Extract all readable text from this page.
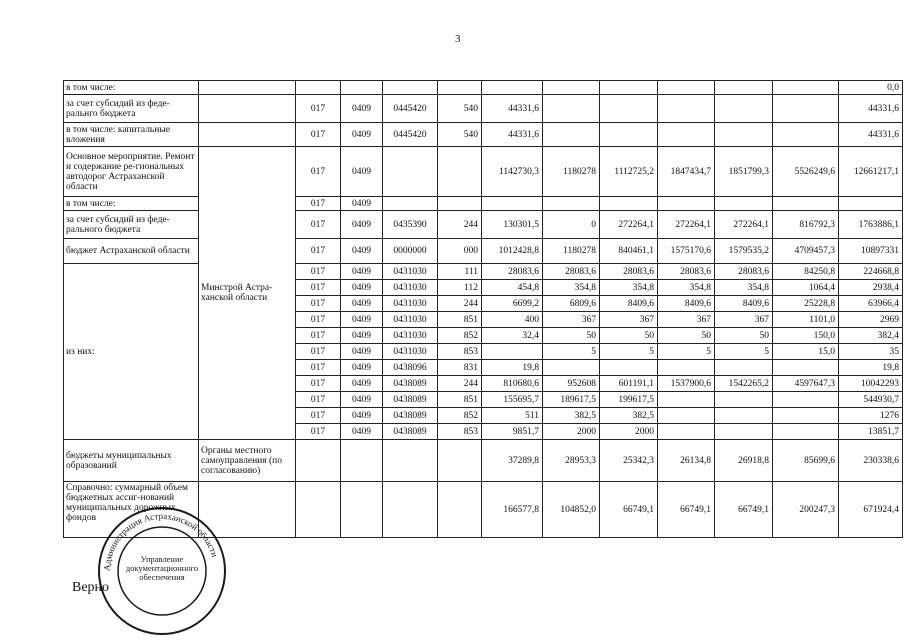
3
в том числе:												0,0
за счет субсидий из феде-ральнго бюджета		017	0409	0445420	540	44331,6						44331,6
в том числе: капитальные вложения		017	0409	0445420	540	44331,6						44331,6
Основное мероприятие. Ремонт и содержание ре-гиональных автодорог Астраханской области	Минстрой Астра-ханской области	017	0409			1142730,3	1180278	1112725,2	1847434,7	1851799,3	5526249,6	12661217,1
в том числе:		017	0409									
за счет субсидий из феде-рального бюджета		017	0409	0435390	244	130301,5	0	272264,1	272264,1	272264,1	816792,3	1763886,1
бюджет Астраханской области		017	0409	0000000	000	1012428,8	1180278	840461,1	1575170,6	1579535,2	4709457,3	10897331
из них:		017	0409	0431030	111	28083,6	28083,6	28083,6	28083,6	28083,6	84250,8	224668,8
		017	0409	0431030	112	454,8	354,8	354,8	354,8	354,8	1064,4	2938,4
		017	0409	0431030	244	6699,2	6809,6	8409,6	8409,6	8409,6	25228,8	63966,4
		017	0409	0431030	851	400	367	367	367	367	1101,0	2969
		017	0409	0431030	852	32,4	50	50	50	50	150,0	382,4
		017	0409	0431030	853		5	5	5	5	15,0	35
		017	0409	0438096	831	19,8						19,8
		017	0409	0438089	244	810680,6	952608	601191,1	1537900,6	1542265,2	4597647,3	10042293
		017	0409	0438089	851	155695,7	189617,5	199617,5				544930,7
		017	0409	0438089	852	511	382,5	382,5				1276
		017	0409	0438089	853	9851,7	2000	2000				13851,7
бюджеты муниципальных образований	Органы местного самоуправления (по согласованию)					37289,8	28953,3	25342,3	26134,8	26918,8	85699,6	230338,6
Справочно: суммарный объем бюджетных ассиг-нований муниципальных дорожных фондов						166577,8	104852,0	66749,1	66749,1	66749,1	200247,3	671924,4
Верно
Администрация Астраханской области
Управление документационного обеспечения
